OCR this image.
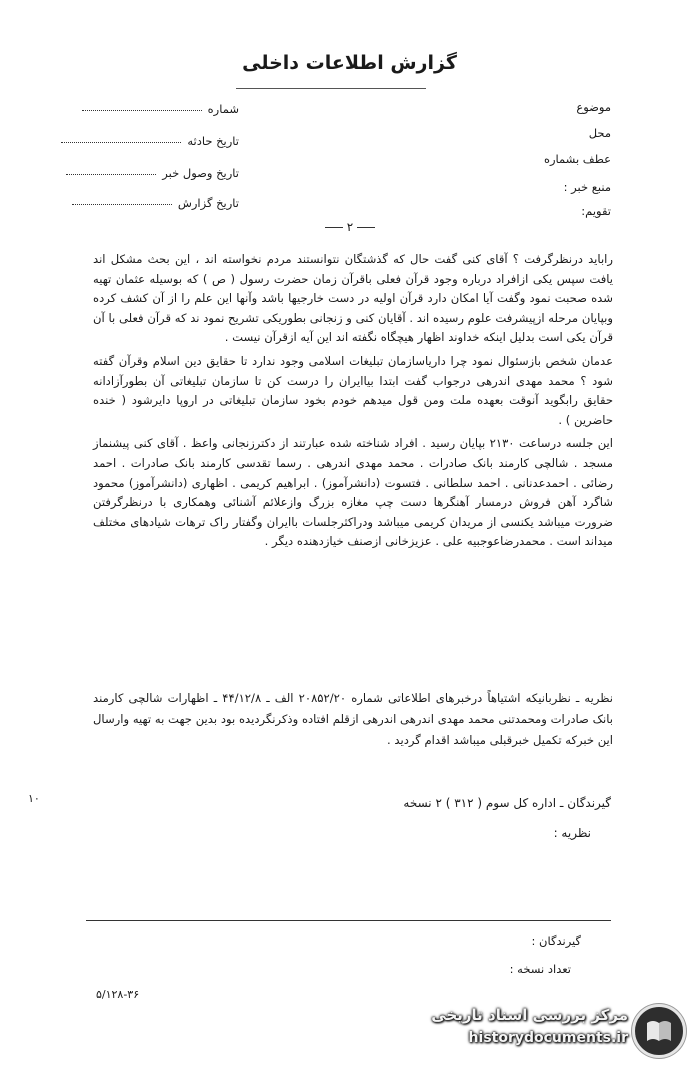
گزارش اطلاعات داخلی
موضوع
محل
عطف بشماره
منبع خبر :
تقویم:
شماره
تاریخ حادثه
تاریخ وصول خبر
تاریخ گزارش
۲

راباید درنظرگرفت ؟ آقای کنی گفت حال که گذشتگان نتوانستند مردم نخواسته اند ، این بحث مشکل اند یافت سپس یکی ازافراد درباره وجود قرآن فعلی باقرآن زمان حضرت رسول ( ص ) که بوسیله عثمان تهیه شده صحبت نمود وگفت آیا امکان دارد قرآن اولیه در دست خارجیها باشد وآنها این علم را از آن کشف کرده وبپایان مرحله ازپیشرفت علوم رسیده اند . آقایان کنی و زنجانی بطوریکی تشریح نمود ند که قرآن فعلی با آن قرآن یکی است بدلیل اینکه خداوند اظهار هیچگاه نگفته اند این آیه ازقرآن نیست .

عدمان شخص بازسئوال نمود چرا داریاسازمان تبلیغات اسلامی وجود ندارد تا حقایق دین اسلام وقرآن گفته شود ؟ محمد مهدی اندرهی درجواب گفت ابتدا بیاایران را درست کن تا سازمان تبلیغاتی آن بطورآزادانه حقایق رابگوید آنوقت بعهده ملت ومن قول میدهم خودم بخود سازمان تبلیغاتی در اروپا دایرشود ( خنده حاضرین ) .

این جلسه درساعت ۲۱۳۰ بپایان رسید . افراد شناخته شده عبارتند از دکترزنجانی واعظ . آقای کنی پیشنماز مسجد . شالچی کارمند بانک صادرات . محمد مهدی اندرهی . رسما تقدسی کارمند بانک صادرات . احمد رضائی . احمدعدنانی . احمد سلطانی . فتسوت (دانشرآموز) . ابراهیم کریمی . اظهاری (دانشرآموز) محمود شاگرد آهن فروش درمسار آهنگرها دست چپ مغازه بزرگ وازعلائم آشنائی وهمکاری با درنظرگرفتن ضرورت میباشد یکنسی از مریدان کریمی میباشد ودراکثرجلسات باایران وگفتار راک ترهات شیادهای مختلف میداند است . محمدرضاعوجبیه علی . عزیزخانی ازصنف خیازدهنده دیگر .

نظریه ـ نظربانیکه اشتیاهاً درخبرهای اطلاعاتی شماره ۲۰۸۵۲/۲۰ الف ـ ۴۴/۱۲/۸ ـ اظهارات شالچی کارمند بانک صادرات ومحمدتنی محمد مهدی اندرهی اندرهی ازقلم افتاده وذکرنگردیده بود بدین جهت به تهیه وارسال این خبرکه تکمیل خبرقبلی میباشد اقدام گردید .
گیرندگان ـ اداره کل سوم ( ۳۱۲ ) ۲ نسخه
نظریه :
۱۰
گیرندگان :
تعداد نسخه :
۵/۱۲۸-۳۶
مرکز بررسی اسناد تاریخی
historydocuments.ir
